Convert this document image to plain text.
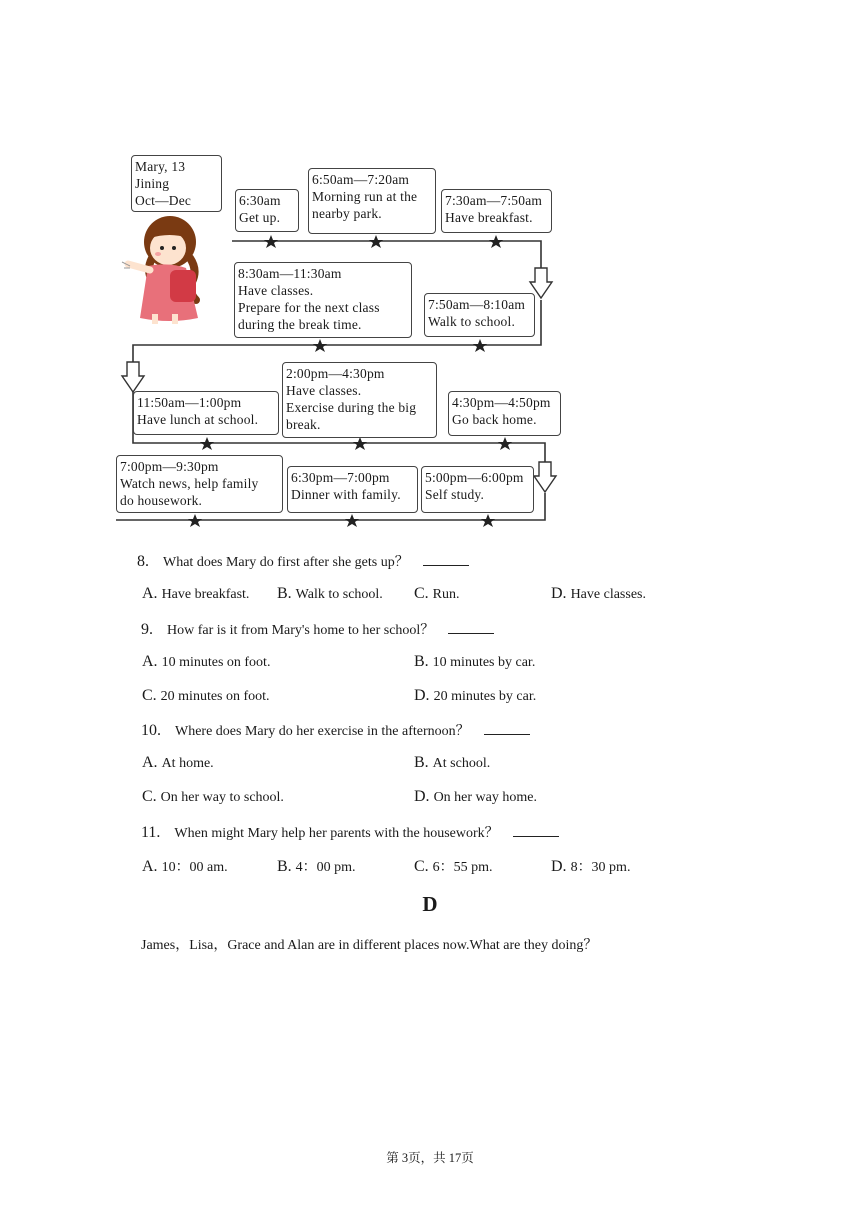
Mary, 13
Jining
Oct—Dec	6:30am
Get up.
6:50am—7:20am
Morning run at the
nearby park.
7:30am—7:50am
Have breakfast.
8:30am—11:30am
Have classes.
Prepare for the next class
during the break time.
7:50am—8:10am
Walk to school.
2:00pm—4:30pm
Have classes.
Exercise during the big
break.
11:50am—1:00pm
Have lunch at school.
4:30pm—4:50pm
Go back home.
7:00pm—9:30pm
Watch news, help family
do housework.
6:30pm—7:00pm
Dinner with family.
5:00pm—6:00pm
Self study.
8. What does Mary do first after she gets up？
A. Have breakfast. B. Walk to school. C. Run.	D. Have classes.
9. How far is it from Mary's home to her school？
A. 10 minutes on foot.	B. 10 minutes by car.
C. 20 minutes on foot.	D. 20 minutes by car.
10. Where does Mary do her exercise in the afternoon？
A. At home.	B. At school.
C. On her way to school.	D. On her way home.
11. When might Mary help her parents with the housework？
A. 10：00 am.	B. 4：00 pm.	C. 6：55 pm.	D. 8：30 pm.
D
James，Lisa，Grace and Alan are in different places now.What are they doing？
第 3页，共 17页
